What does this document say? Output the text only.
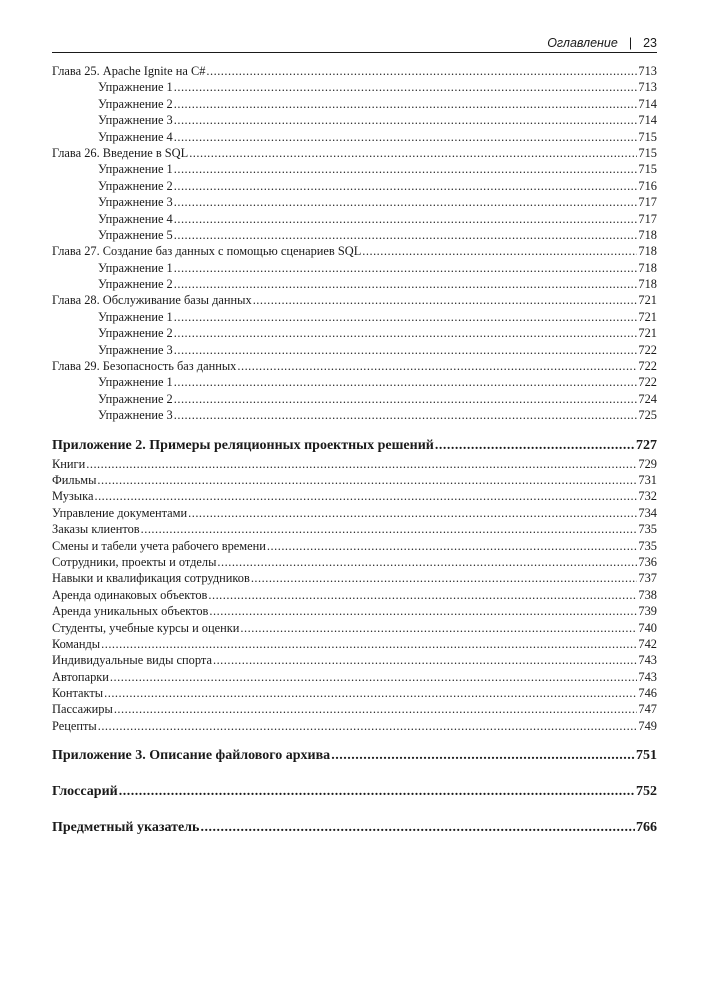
Оглавление | 23
Глава 25. Apache Ignite на C# .....	713
Упражнение 1 .....	713
Упражнение 2 .....	714
Упражнение 3 .....	714
Упражнение 4 .....	715
Глава 26. Введение в SQL .....	715
Упражнение 1 .....	715
Упражнение 2 .....	716
Упражнение 3 .....	717
Упражнение 4 .....	717
Упражнение 5 .....	718
Глава 27. Создание баз данных с помощью сценариев SQL .....	718
Упражнение 1 .....	718
Упражнение 2 .....	718
Глава 28. Обслуживание базы данных .....	721
Упражнение 1 .....	721
Упражнение 2 .....	721
Упражнение 3 .....	722
Глава 29. Безопасность баз данных .....	722
Упражнение 1 .....	722
Упражнение 2 .....	724
Упражнение 3 .....	725
Приложение 2. Примеры реляционных проектных решений .....	727
Книги .....	729
Фильмы .....	731
Музыка .....	732
Управление документами .....	734
Заказы клиентов .....	735
Смены и табели учета рабочего времени .....	735
Сотрудники, проекты и отделы .....	736
Навыки и квалификация сотрудников .....	737
Аренда одинаковых объектов .....	738
Аренда уникальных объектов .....	739
Студенты, учебные курсы и оценки .....	740
Команды .....	742
Индивидуальные виды спорта .....	743
Автопарки .....	743
Контакты .....	746
Пассажиры .....	747
Рецепты .....	749
Приложение 3. Описание файлового архива .....	751
Глоссарий .....	752
Предметный указатель .....	766
